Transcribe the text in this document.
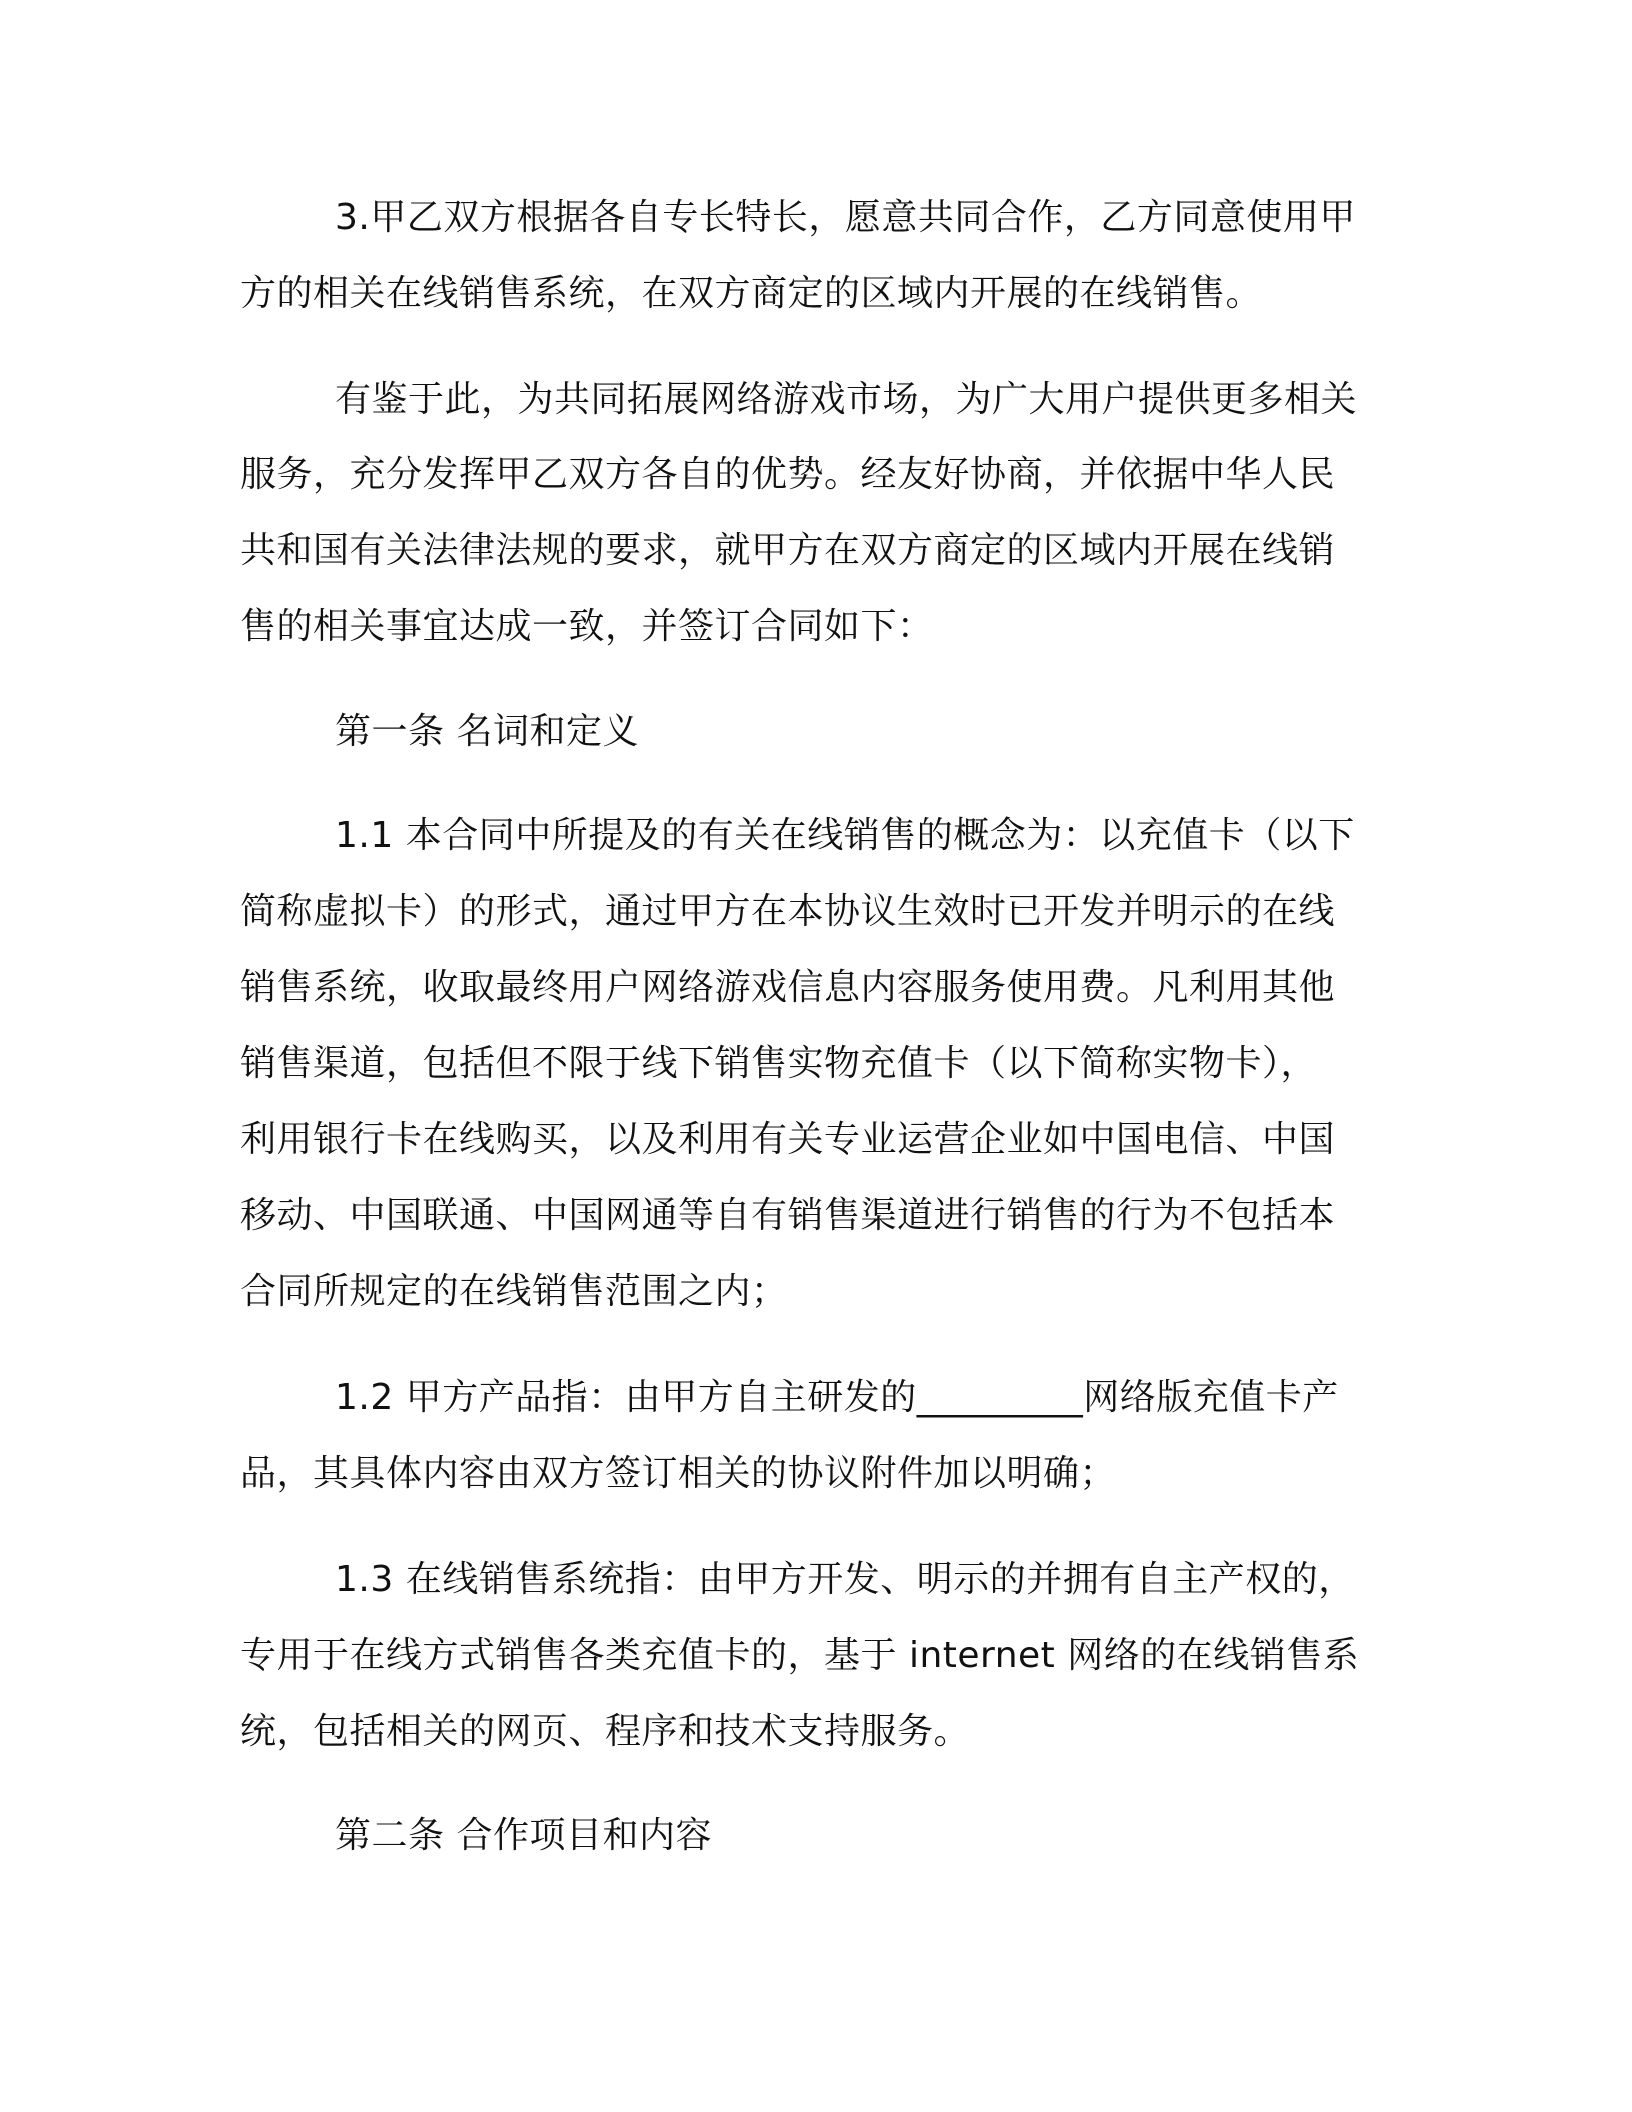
3.甲乙双方根据各自专长特长，愿意共同合作，乙方同意使用甲

方的相关在线销售系统，在双方商定的区域内开展的在线销售。

有鉴于此，为共同拓展网络游戏市场，为广大用户提供更多相关

服务，充分发挥甲乙双方各自的优势。经友好协商，并依据中华人民

共和国有关法律法规的要求，就甲方在双方商定的区域内开展在线销

售的相关事宜达成一致，并签订合同如下：

第一条 名词和定义

1.1 本合同中所提及的有关在线销售的概念为：以充值卡（以下

简称虚拟卡）的形式，通过甲方在本协议生效时已开发并明示的在线

销售系统，收取最终用户网络游戏信息内容服务使用费。凡利用其他

销售渠道，包括但不限于线下销售实物充值卡（以下简称实物卡），

利用银行卡在线购买，以及利用有关专业运营企业如中国电信、中国

移动、中国联通、中国网通等自有销售渠道进行销售的行为不包括本

合同所规定的在线销售范围之内；

1.2 甲方产品指：由甲方自主研发的_________网络版充值卡产

品，其具体内容由双方签订相关的协议附件加以明确；

1.3 在线销售系统指：由甲方开发、明示的并拥有自主产权的，

专用于在线方式销售各类充值卡的，基于 internet 网络的在线销售系

统，包括相关的网页、程序和技术支持服务。

第二条 合作项目和内容
